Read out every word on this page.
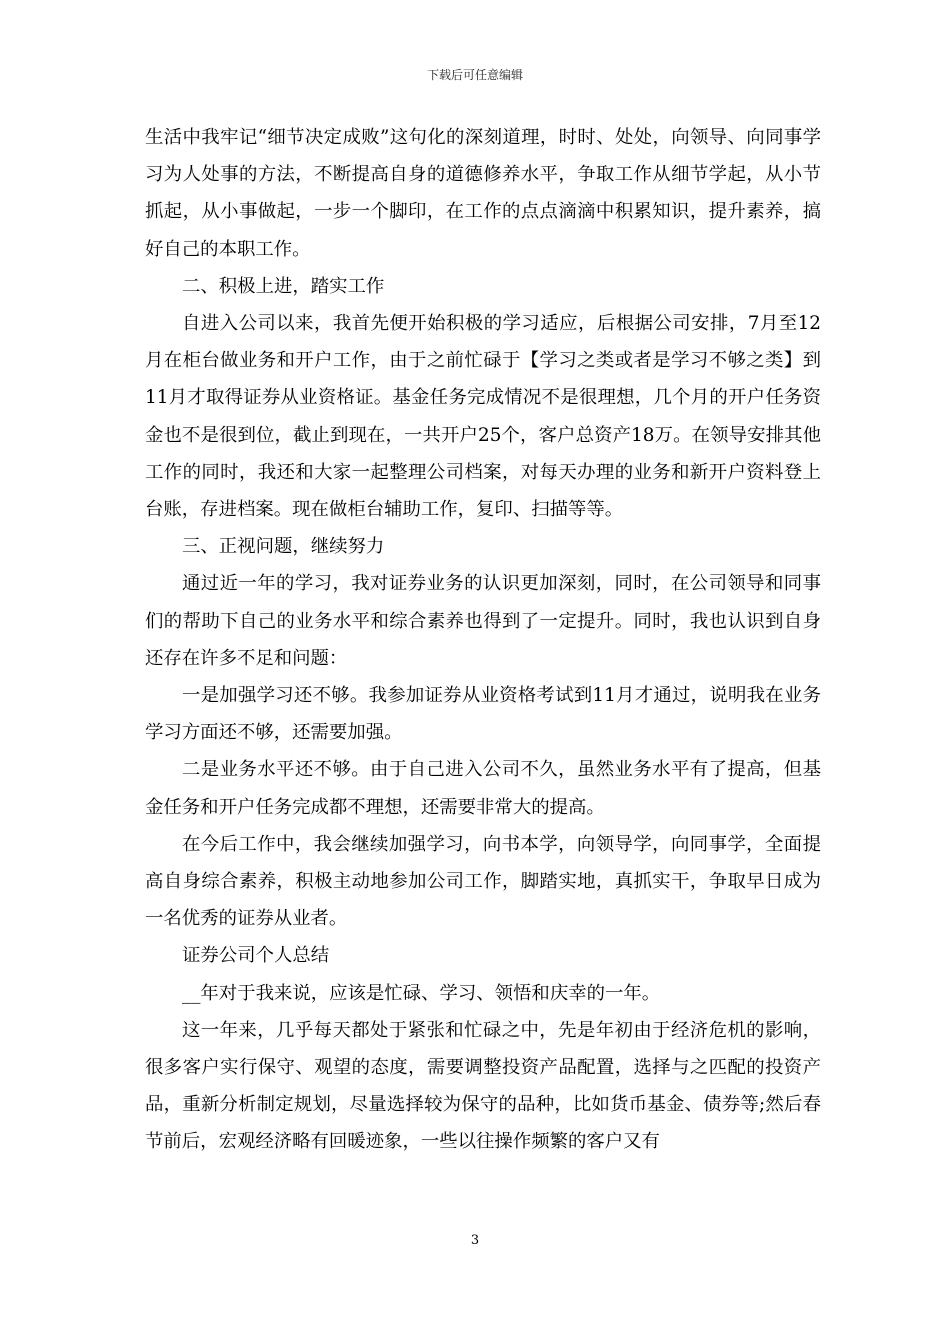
下载后可任意编辑

生活中我牢记“细节决定成败”这句化的深刻道理，时时、处处，向领导、向同事学习为人处事的方法，不断提高自身的道德修养水平，争取工作从细节学起，从小节抓起，从小事做起，一步一个脚印，在工作的点点滴滴中积累知识，提升素养，搞好自己的本职工作。

二、积极上进，踏实工作

自进入公司以来，我首先便开始积极的学习适应，后根据公司安排，7月至12月在柜台做业务和开户工作，由于之前忙碌于【学习之类或者是学习不够之类】到11月才取得证券从业资格证。基金任务完成情况不是很理想，几个月的开户任务资金也不是很到位，截止到现在，一共开户25个，客户总资产18万。在领导安排其他工作的同时，我还和大家一起整理公司档案，对每天办理的业务和新开户资料登上台账，存进档案。现在做柜台辅助工作，复印、扫描等等。

三、正视问题，继续努力

通过近一年的学习，我对证券业务的认识更加深刻，同时，在公司领导和同事们的帮助下自己的业务水平和综合素养也得到了一定提升。同时，我也认识到自身还存在许多不足和问题：

一是加强学习还不够。我参加证券从业资格考试到11月才通过，说明我在业务学习方面还不够，还需要加强。

二是业务水平还不够。由于自己进入公司不久，虽然业务水平有了提高，但基金任务和开户任务完成都不理想，还需要非常大的提高。

在今后工作中，我会继续加强学习，向书本学，向领导学，向同事学，全面提高自身综合素养，积极主动地参加公司工作，脚踏实地，真抓实干，争取早日成为一名优秀的证券从业者。

证券公司个人总结

__年对于我来说，应该是忙碌、学习、领悟和庆幸的一年。

这一年来，几乎每天都处于紧张和忙碌之中，先是年初由于经济危机的影响，很多客户实行保守、观望的态度，需要调整投资产品配置，选择与之匹配的投资产品，重新分析制定规划，尽量选择较为保守的品种，比如货币基金、债券等;然后春节前后，宏观经济略有回暖迹象，一些以往操作频繁的客户又有

3
